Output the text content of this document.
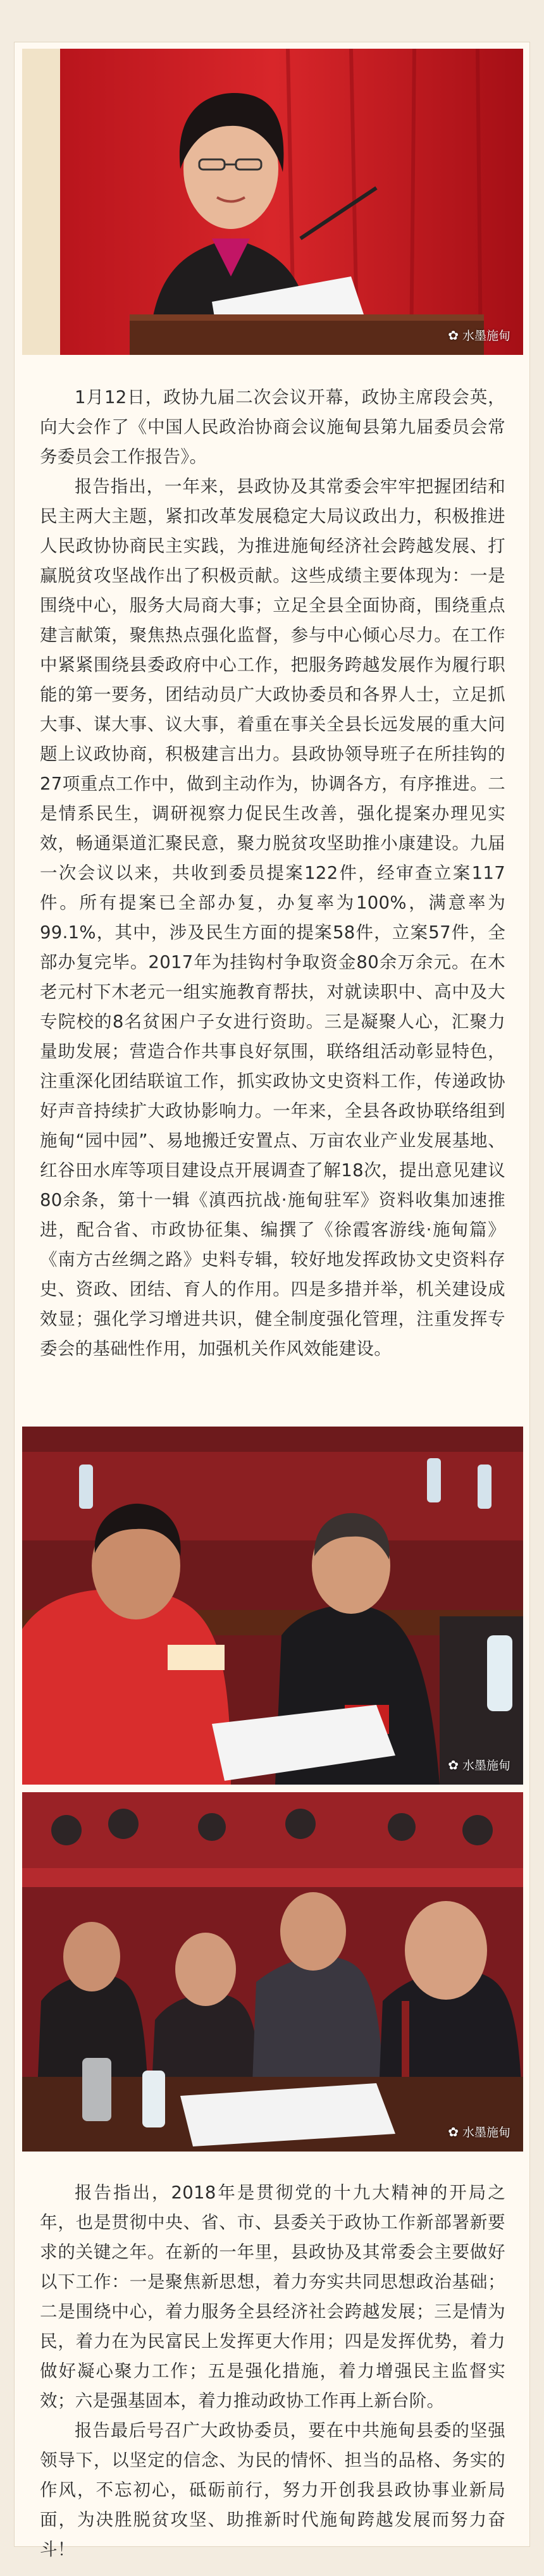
✿ 水墨施甸

1月12日，政协九届二次会议开幕，政协主席段会英，向大会作了《中国人民政治协商会议施甸县第九届委员会常务委员会工作报告》。

报告指出，一年来，县政协及其常委会牢牢把握团结和民主两大主题，紧扣改革发展稳定大局议政出力，积极推进人民政协协商民主实践，为推进施甸经济社会跨越发展、打赢脱贫攻坚战作出了积极贡献。这些成绩主要体现为：一是围绕中心，服务大局商大事；立足全县全面协商，围绕重点建言献策，聚焦热点强化监督，参与中心倾心尽力。在工作中紧紧围绕县委政府中心工作，把服务跨越发展作为履行职能的第一要务，团结动员广大政协委员和各界人士，立足抓大事、谋大事、议大事，着重在事关全县长远发展的重大问题上议政协商，积极建言出力。县政协领导班子在所挂钩的27项重点工作中，做到主动作为，协调各方，有序推进。二是情系民生，调研视察力促民生改善，强化提案办理见实效，畅通渠道汇聚民意，聚力脱贫攻坚助推小康建设。九届一次会议以来，共收到委员提案122件，经审查立案117件。所有提案已全部办复，办复率为100%，满意率为99.1%，其中，涉及民生方面的提案58件，立案57件，全部办复完毕。2017年为挂钩村争取资金80余万余元。在木老元村下木老元一组实施教育帮扶，对就读职中、高中及大专院校的8名贫困户子女进行资助。三是凝聚人心，汇聚力量助发展；营造合作共事良好氛围，联络组活动彰显特色，注重深化团结联谊工作，抓实政协文史资料工作，传递政协好声音持续扩大政协影响力。一年来，全县各政协联络组到施甸“园中园”、易地搬迁安置点、万亩农业产业发展基地、红谷田水库等项目建设点开展调查了解18次，提出意见建议80余条，第十一辑《滇西抗战·施甸驻军》资料收集加速推进，配合省、市政协征集、编撰了《徐霞客游线·施甸篇》《南方古丝绸之路》史料专辑，较好地发挥政协文史资料存史、资政、团结、育人的作用。四是多措并举，机关建设成效显；强化学习增进共识，健全制度强化管理，注重发挥专委会的基础性作用，加强机关作风效能建设。

✿ 水墨施甸
✿ 水墨施甸

报告指出，2018年是贯彻党的十九大精神的开局之年，也是贯彻中央、省、市、县委关于政协工作新部署新要求的关键之年。在新的一年里，县政协及其常委会主要做好以下工作：一是聚焦新思想，着力夯实共同思想政治基础；二是围绕中心，着力服务全县经济社会跨越发展；三是情为民，着力在为民富民上发挥更大作用；四是发挥优势，着力做好凝心聚力工作；五是强化措施，着力增强民主监督实效；六是强基固本，着力推动政协工作再上新台阶。

报告最后号召广大政协委员，要在中共施甸县委的坚强领导下，以坚定的信念、为民的情怀、担当的品格、务实的作风，不忘初心，砥砺前行，努力开创我县政协事业新局面，为决胜脱贫攻坚、助推新时代施甸跨越发展而努力奋斗！
